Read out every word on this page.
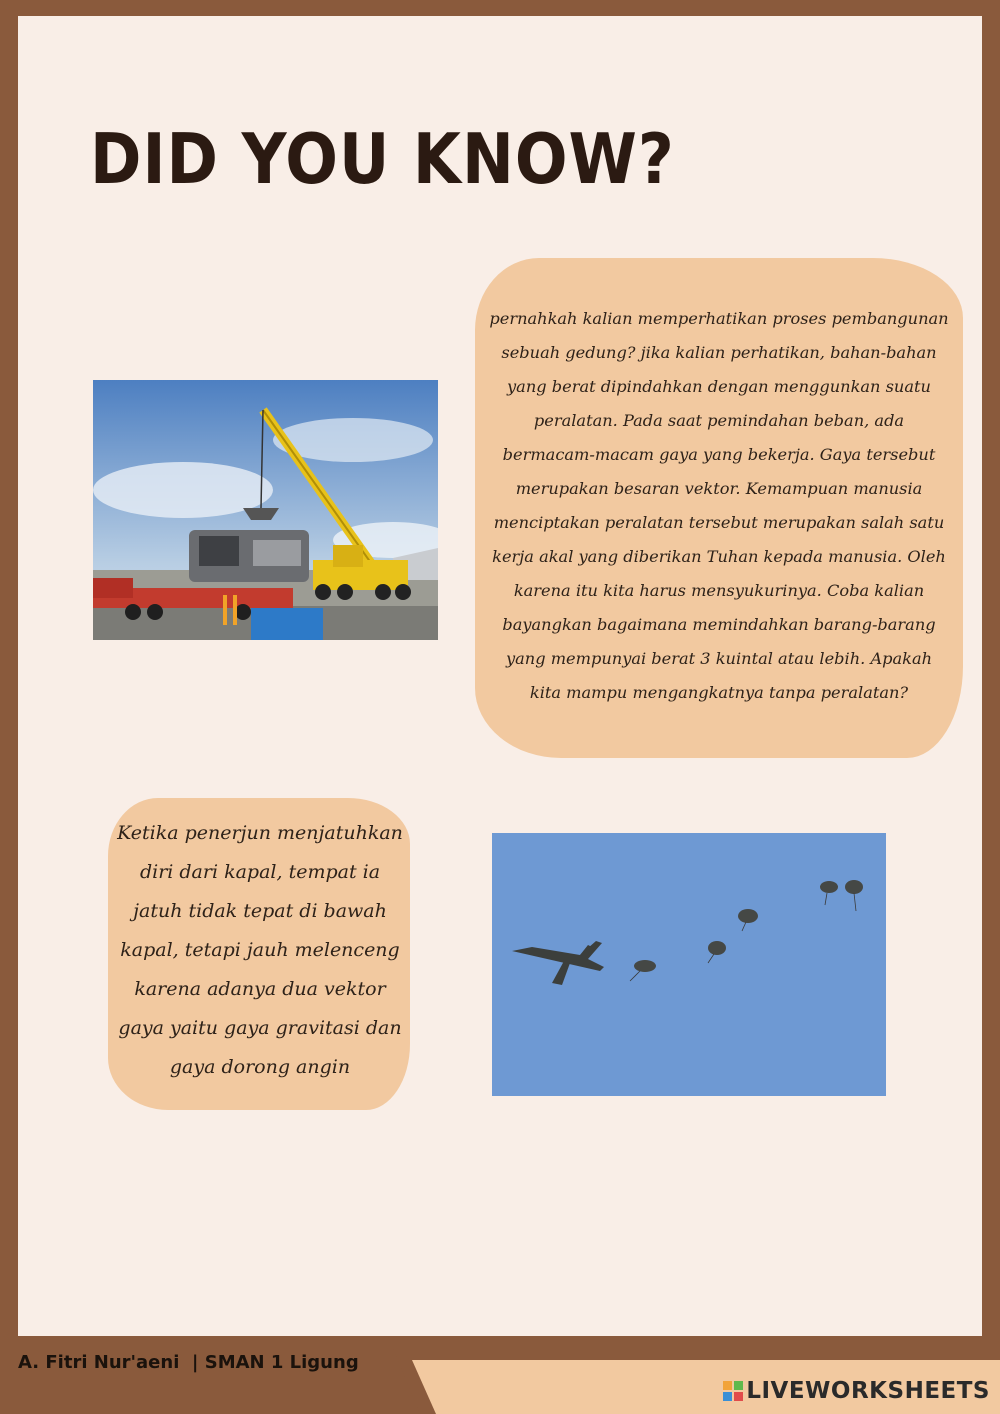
DID YOU KNOW?
pernahkah kalian memperhatikan proses pembangunan sebuah gedung? jika kalian perhatikan, bahan-bahan yang berat dipindahkan dengan menggunkan suatu peralatan. Pada saat pemindahan beban, ada bermacam-macam gaya yang bekerja. Gaya tersebut merupakan besaran vektor. Kemampuan manusia menciptakan peralatan tersebut merupakan salah satu kerja akal yang diberikan Tuhan kepada manusia. Oleh karena itu kita harus mensyukurinya. Coba kalian bayangkan bagaimana memindahkan barang-barang yang mempunyai berat 3 kuintal atau lebih. Apakah kita mampu mengangkatnya tanpa peralatan?
Ketika penerjun menjatuhkan diri dari kapal, tempat ia jatuh tidak tepat di bawah kapal, tetapi jauh melenceng karena adanya dua vektor gaya yaitu gaya gravitasi dan gaya dorong angin
A. Fitri Nur'aeni  | SMAN 1 Ligung
LIVEWORKSHEETS
